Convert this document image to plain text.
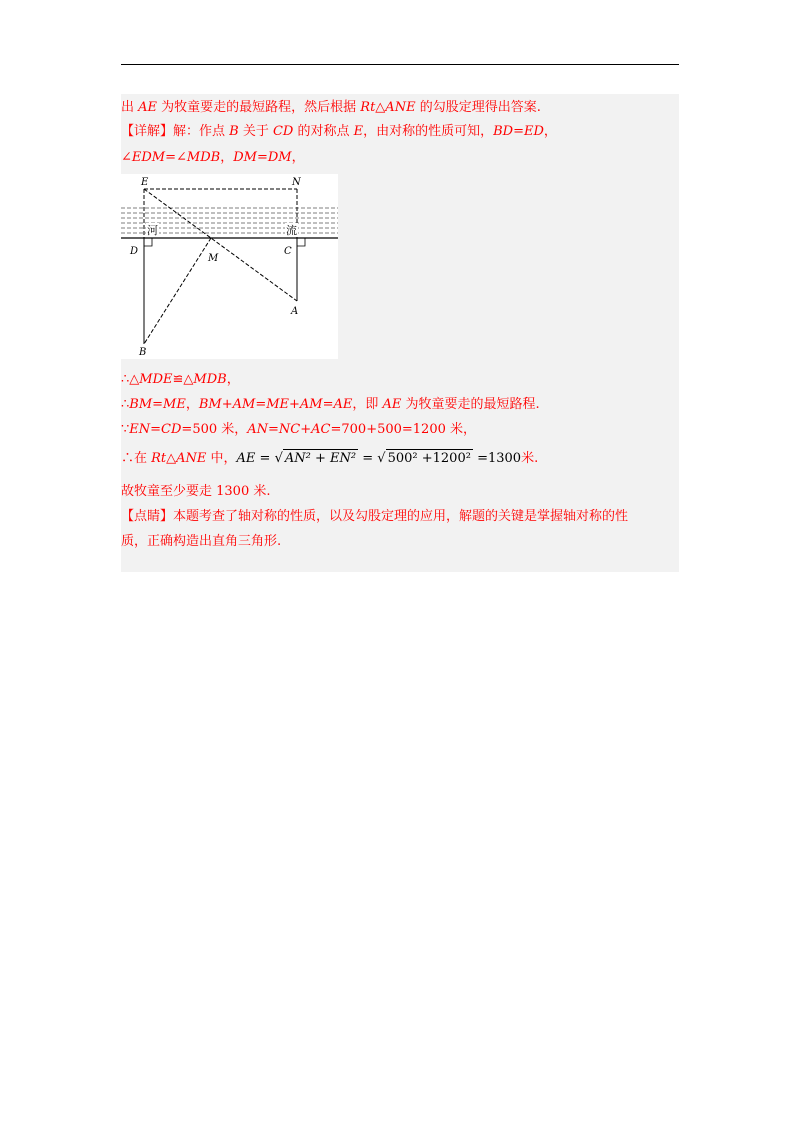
出 AE 为牧童要走的最短路程，然后根据 Rt△ANE 的勾股定理得出答案.
【详解】解：作点 B 关于 CD 的对称点 E，由对称的性质可知，BD=ED，
∠EDM=∠MDB，DM=DM，
E	N
D	C
M
A
B
河	流
∴△MDE≌△MDB，
∴BM=ME，BM+AM=ME+AM=AE，即 AE 为牧童要走的最短路程.
∵EN=CD=500 米，AN=NC+AC=700+500=1200 米，
∴在 Rt△ANE 中，AE = √ AN² + EN² = √ 500² +1200² =1300米.
故牧童至少要走 1300 米.
【点睛】本题考查了轴对称的性质，以及勾股定理的应用，解题的关键是掌握轴对称的性
质，正确构造出直角三角形.
